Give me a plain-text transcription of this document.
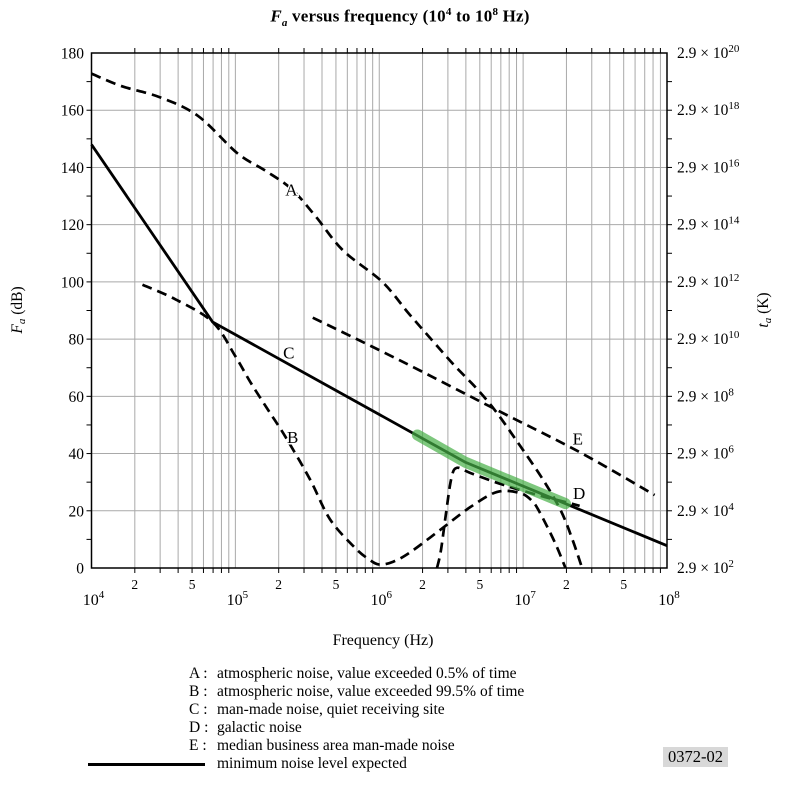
$F_a$ versus frequency ($10^4$ to $10^8$ Hz)
A
B
C
D
E
180
160
140
120
100
80
60
40
20
0
$2.9 \times 10^{20}$
$2.9 \times 10^{18}$
$2.9 \times 10^{16}$
$2.9 \times 10^{14}$
$2.9 \times 10^{12}$
$2.9 \times 10^{10}$
$2.9 \times 10^8$
$2.9 \times 10^6$
$2.9 \times 10^4$
$2.9 \times 10^2$
$10^4$	$10^5$	$10^6$	$10^7$	$10^8$
2	5	2	5	2	5	2	5
Frequency (Hz)
Fa (dB)
ta (K)
A : atmospheric noise, value exceeded 0.5% of time
B : atmospheric noise, value exceeded 99.5% of time
C : man-made noise, quiet receiving site
D : galactic noise
E : median business area man-made noise
minimum noise level expected	0372-02
